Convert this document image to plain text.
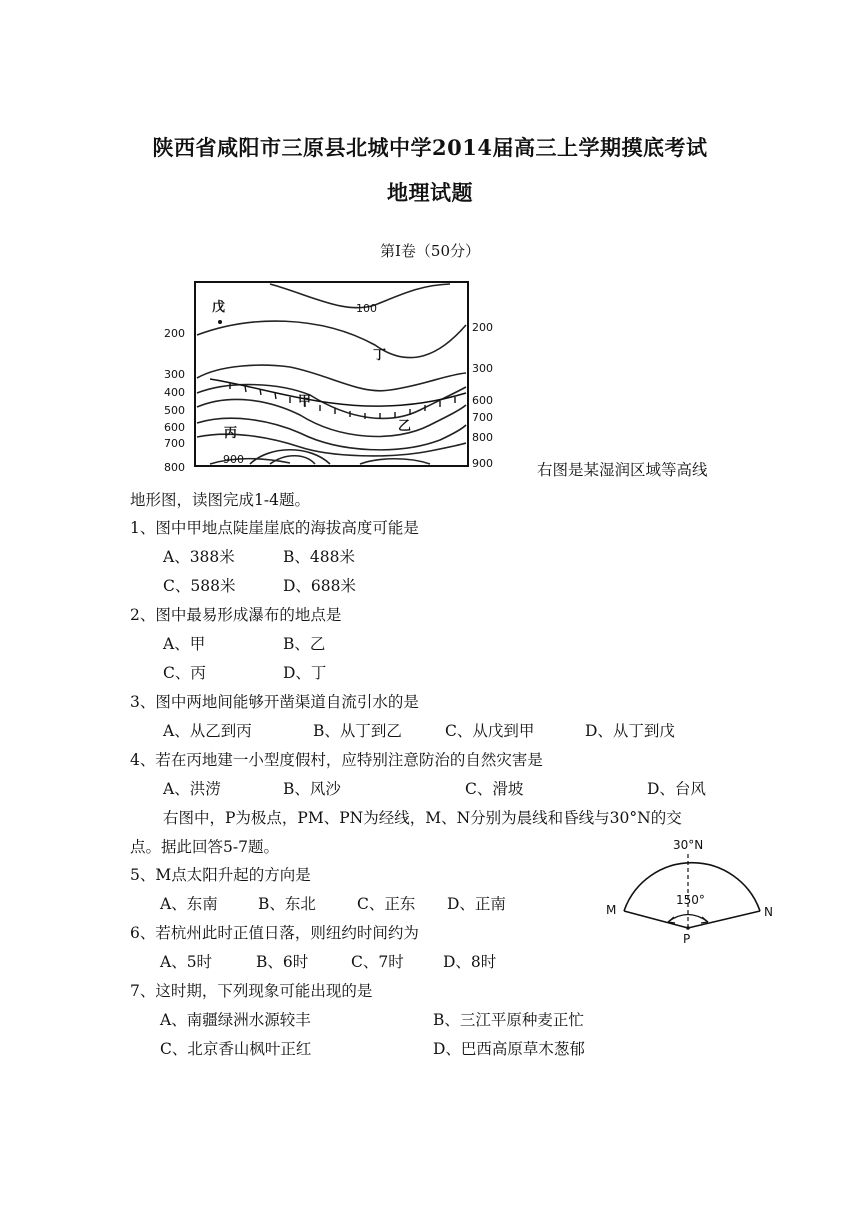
陕西省咸阳市三原县北城中学2014届高三上学期摸底考试
地理试题
第Ⅰ卷（50分）
200
300
400
500
600
700
800
200
300
600
700
800
900
100
900
戊
丁
甲
乙
丙
右图是某湿润区域等高线
地形图，读图完成1-4题。
1、图中甲地点陡崖崖底的海拔高度可能是
A、388米	B、488米
C、588米	D、688米
2、图中最易形成瀑布的地点是
A、甲	B、乙
C、丙	D、丁
3、图中两地间能够开凿渠道自流引水的是
A、从乙到丙	B、从丁到乙	C、从戊到甲	D、从丁到戊
4、若在丙地建一小型度假村，应特别注意防治的自然灾害是
A、洪涝	B、风沙	C、滑坡	D、台风
右图中，P为极点，PM、PN为经线，M、N分别为晨线和昏线与30°N的交
点。据此回答5-7题。
5、M点太阳升起的方向是
A、东南	B、东北	C、正东 D、正南
6、若杭州此时正值日落，则纽约时间约为
A、5时	B、6时	C、7时	D、8时
7、这时期，下列现象可能出现的是
A、南疆绿洲水源较丰	B、三江平原种麦正忙
C、北京香山枫叶正红	D、巴西高原草木葱郁
30°N
150°
M	N
P
